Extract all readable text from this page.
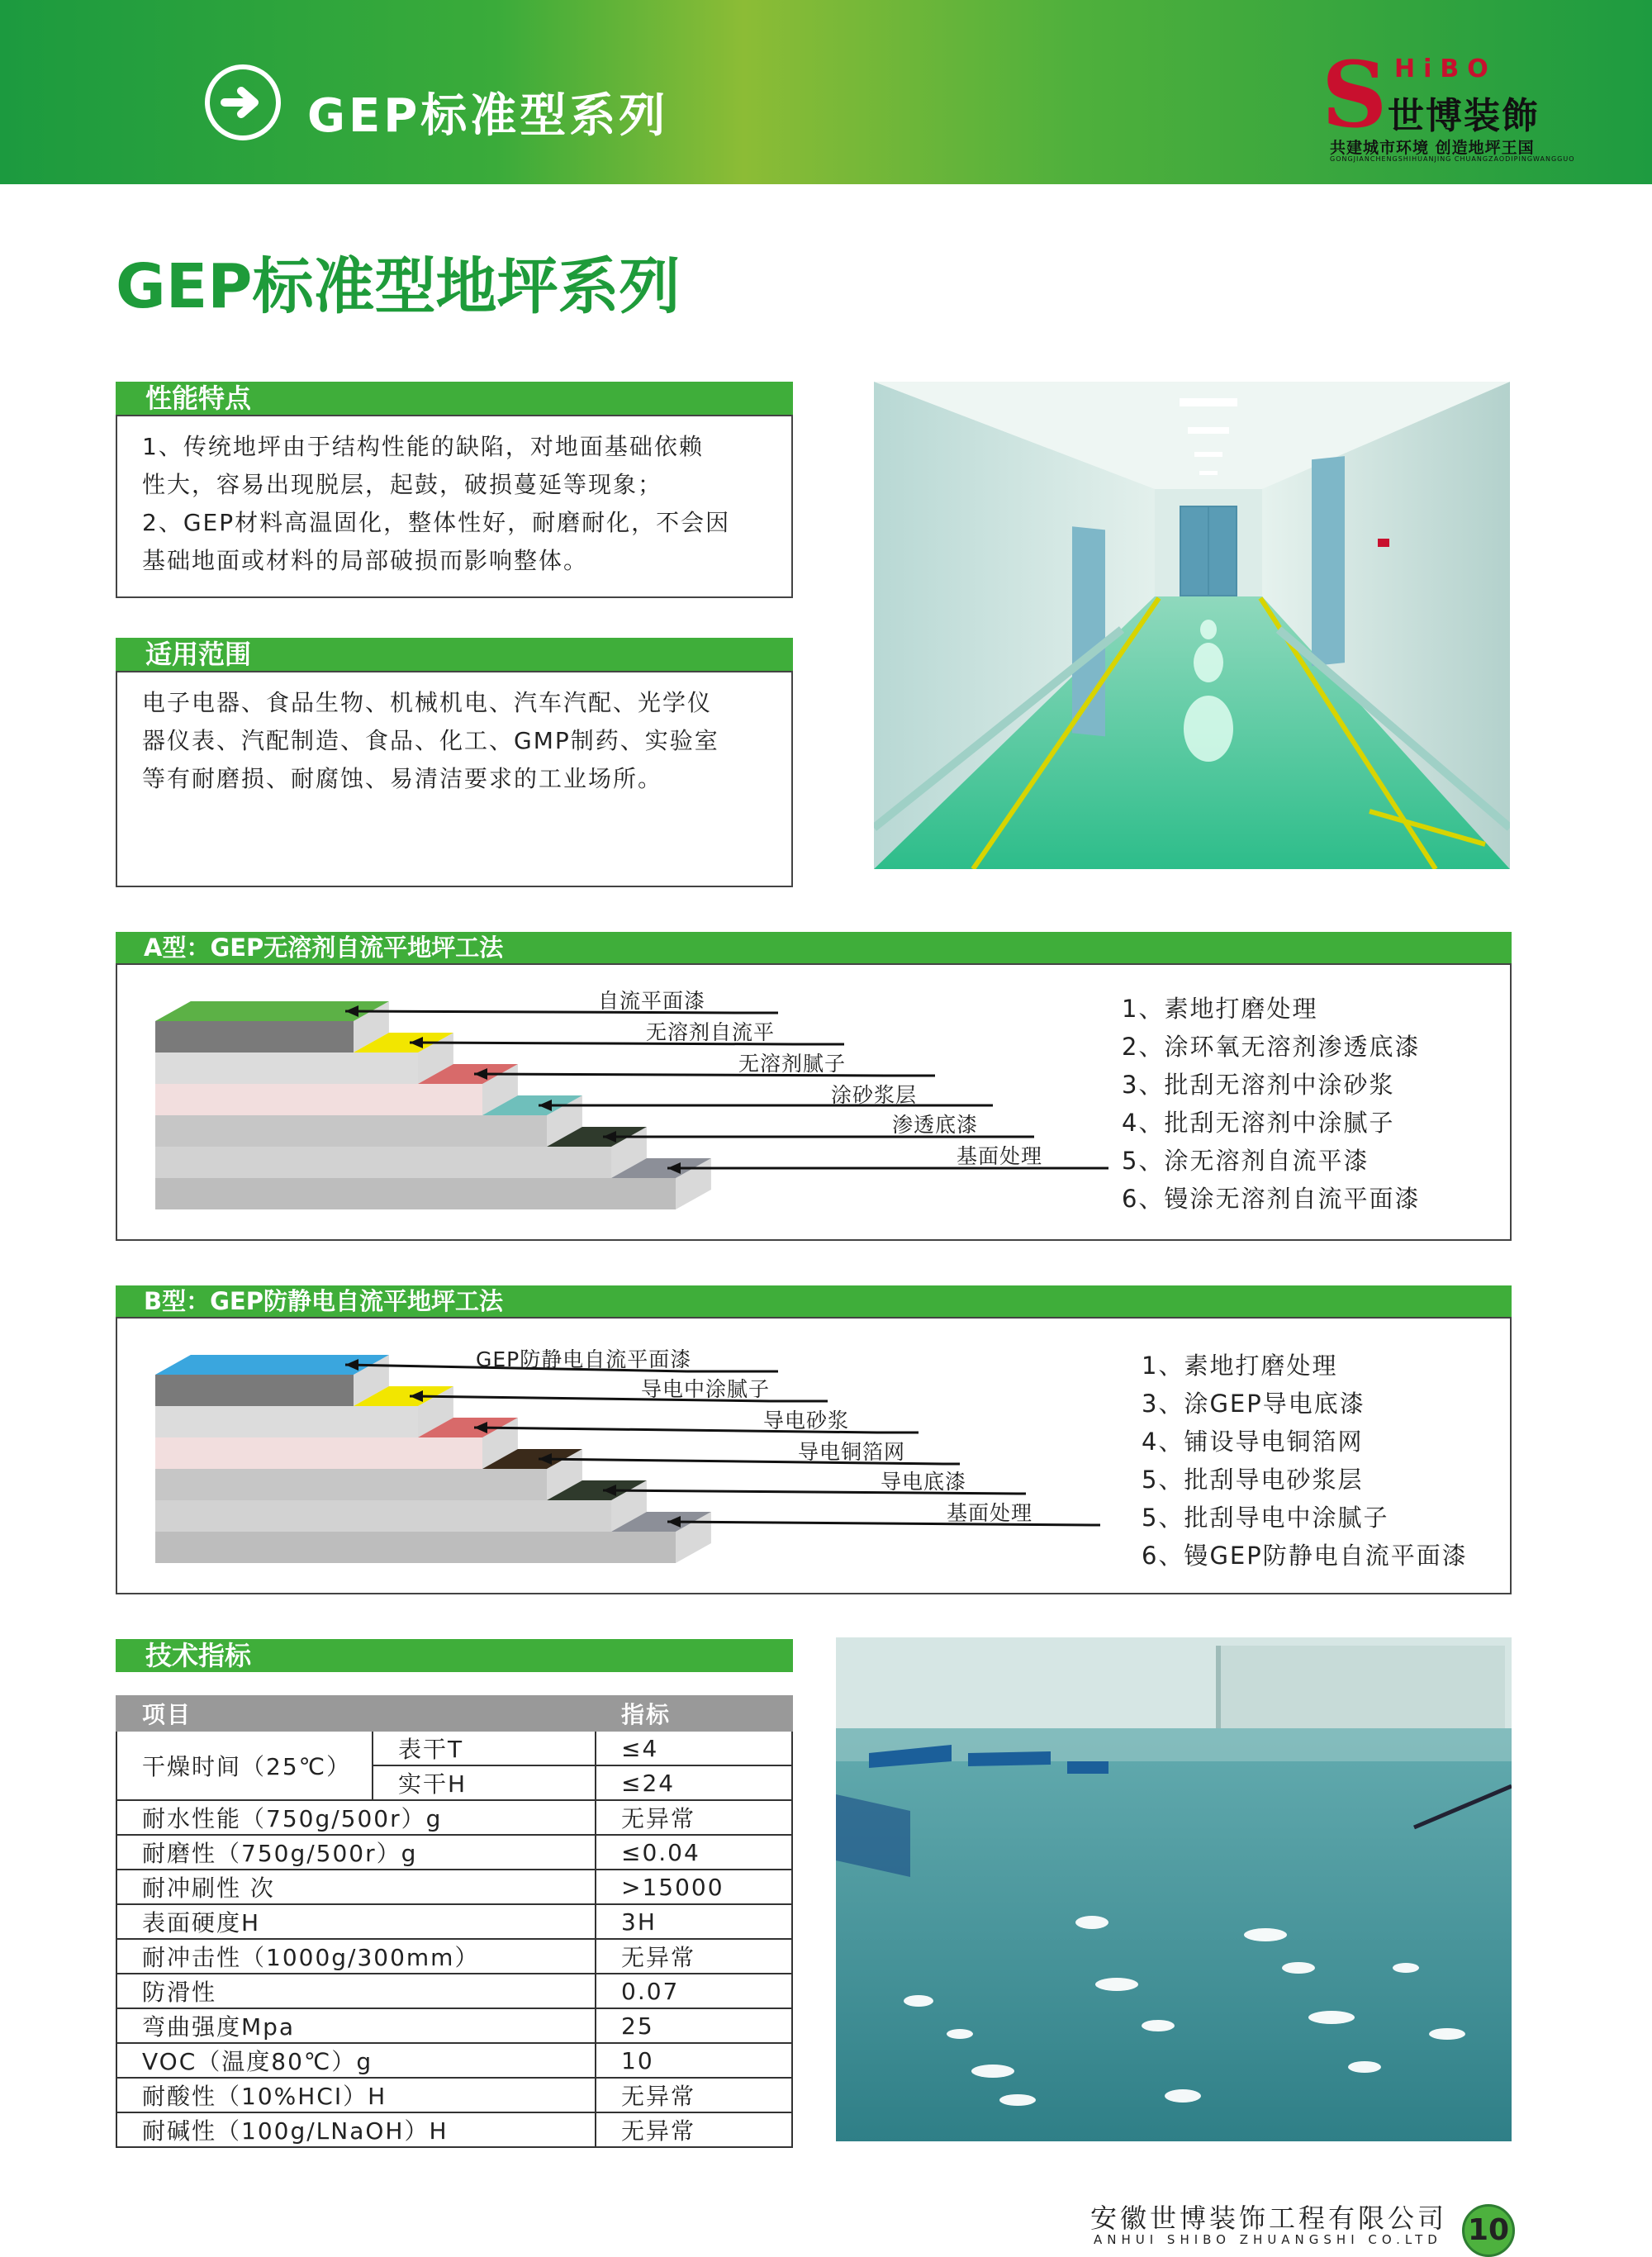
GEP标准型系列	S HiBO
世博装飾
共建城市环境 创造地坪王国
GONGJIANCHENGSHIHUANJING CHUANGZAODIPINGWANGGUO
GEP标准型地坪系列
性能特点
1、传统地坪由于结构性能的缺陷，对地面基础依赖
性大，容易出现脱层，起鼓，破损蔓延等现象；
2、GEP材料高温固化，整体性好，耐磨耐化，不会因
基础地面或材料的局部破损而影响整体。
适用范围
电子电器、食品生物、机械机电、汽车汽配、光学仪
器仪表、汽配制造、食品、化工、GMP制药、实验室
等有耐磨损、耐腐蚀、易清洁要求的工业场所。
A型：GEP无溶剂自流平地坪工法
自流平面漆
无溶剂自流平
无溶剂腻子
涂砂浆层
渗透底漆
基面处理
1、素地打磨处理
2、涂环氧无溶剂渗透底漆
3、批刮无溶剂中涂砂浆
4、批刮无溶剂中涂腻子
5、涂无溶剂自流平漆
6、镘涂无溶剂自流平面漆
B型：GEP防静电自流平地坪工法
GEP防静电自流平面漆
导电中涂腻子
导电砂浆
导电铜箔网
导电底漆
基面处理
1、素地打磨处理
3、涂GEP导电底漆
4、铺设导电铜箔网
5、批刮导电砂浆层
5、批刮导电中涂腻子
6、镘GEP防静电自流平面漆
技术指标
项目		指标
干燥时间（25℃）	表干T	≤4
	实干H	≤24
耐水性能（750g/500r）g		无异常
耐磨性（750g/500r）g		≤0.04
耐冲刷性 次		>15000
表面硬度H		3H
耐冲击性（1000g/300mm）		无异常
防滑性		0.07
弯曲强度Mpa		25
VOC（温度80℃）g		10
耐酸性（10%HCI）H		无异常
耐碱性（100g/LNaOH）H		无异常
安徽世博装饰工程有限公司
ANHUI SHIBO ZHUANGSHI CO.LTD 10
